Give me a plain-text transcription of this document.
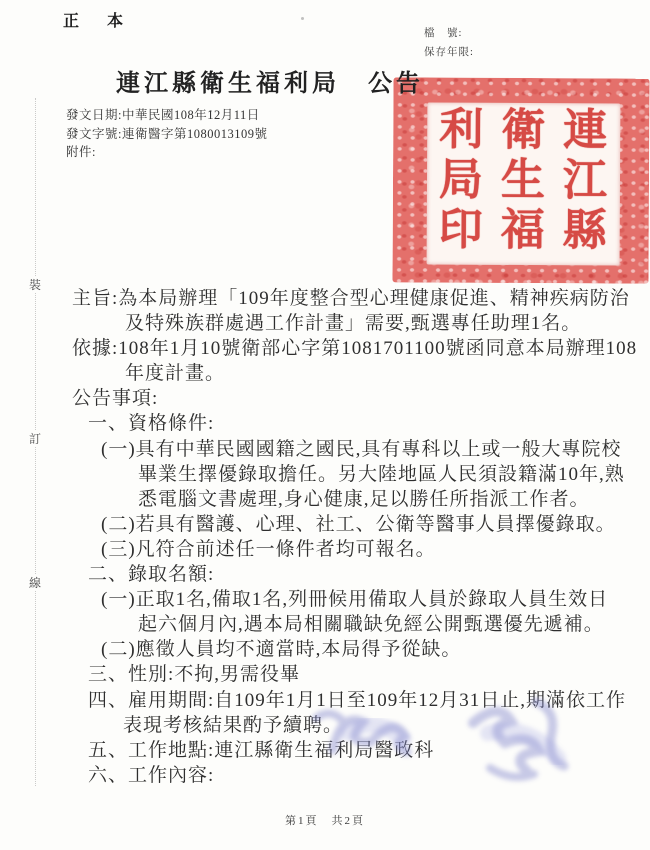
正 本
檔　號:
保存年限:
連江縣衛生福利局　公告
發文日期:中華民國108年12月11日
發文字號:連衛醫字第1080013109號
附件:
裝
訂
線
連江縣
衛生福
利局印
主旨:為本局辦理「109年度整合型心理健康促進、精神疾病防治
及特殊族群處遇工作計畫」需要,甄選專任助理1名。
依據:108年1月10號衛部心字第1081701100號函同意本局辦理108
年度計畫。
公告事項:
一、資格條件:
(一)具有中華民國國籍之國民,具有專科以上或一般大專院校
畢業生擇優錄取擔任。另大陸地區人民須設籍滿10年,熟
悉電腦文書處理,身心健康,足以勝任所指派工作者。
(二)若具有醫護、心理、社工、公衛等醫事人員擇優錄取。
(三)凡符合前述任一條件者均可報名。
二、錄取名額:
(一)正取1名,備取1名,列冊候用備取人員於錄取人員生效日
起六個月內,遇本局相關職缺免經公開甄選優先遞補。
(二)應徵人員均不適當時,本局得予從缺。
三、性別:不拘,男需役畢
四、雇用期間:自109年1月1日至109年12月31日止,期滿依工作
表現考核結果酌予續聘。
五、工作地點:連江縣衛生福利局醫政科
六、工作內容:
第1頁　共2頁
